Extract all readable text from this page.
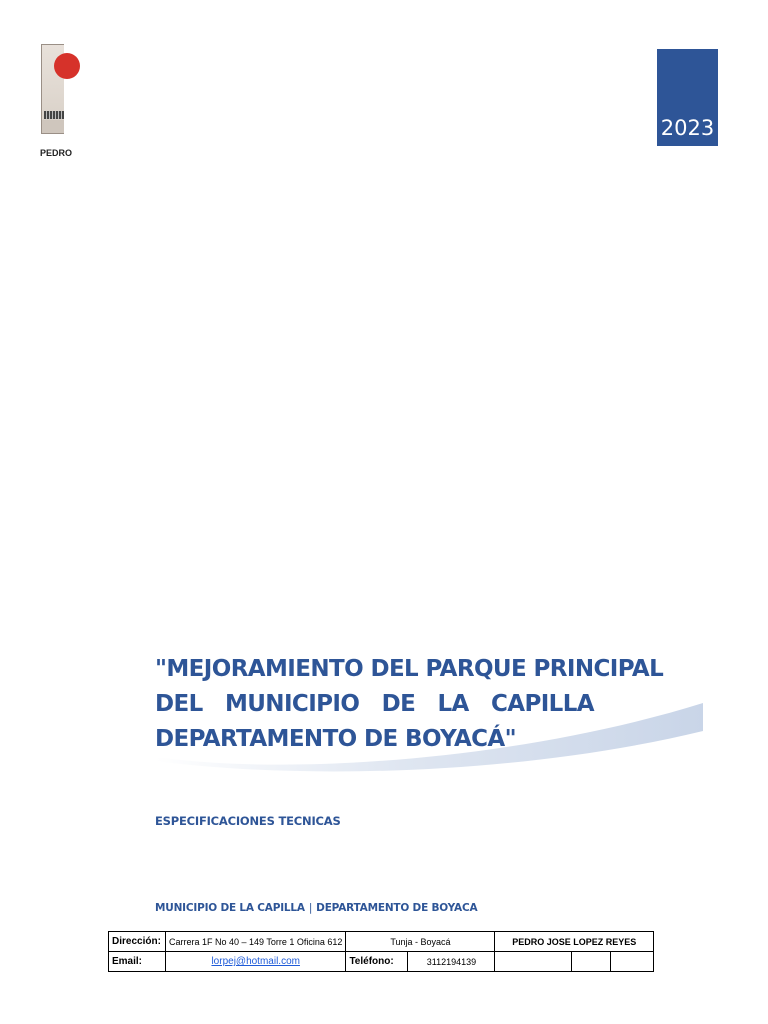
PEDRO
2023
"MEJORAMIENTO DEL PARQUE PRINCIPAL
DEL MUNICIPIO DE LA CAPILLA
DEPARTAMENTO DE BOYACÁ"
ESPECIFICACIONES TECNICAS
MUNICIPIO DE LA CAPILLA | DEPARTAMENTO DE BOYACA
Dirección:	Carrera 1F No 40 – 149 Torre 1 Oficina 612	Tunja - Boyacá		PEDRO JOSE LOPEZ REYES		
Email:	lorpej@hotmail.com	Teléfono:	3112194139			
